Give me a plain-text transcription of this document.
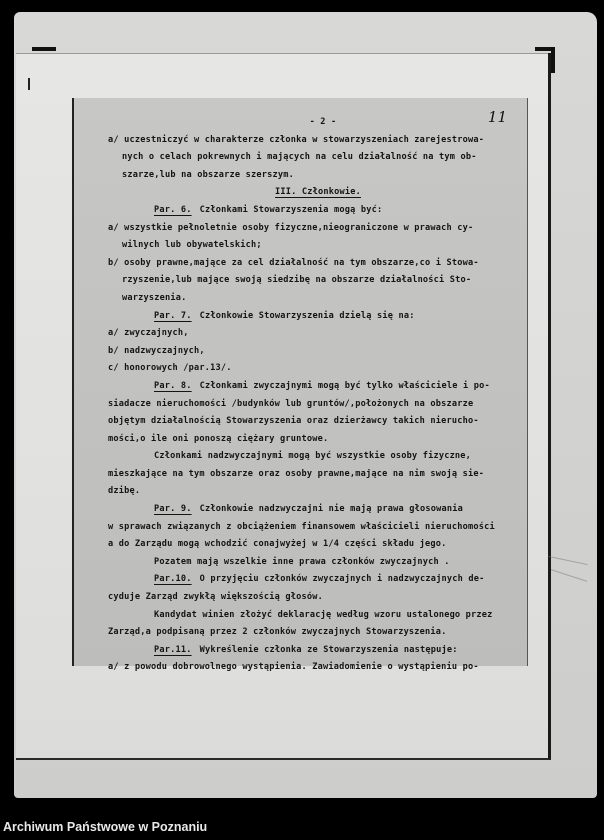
11
- 2 -
a/ uczestniczyć w charakterze członka w stowarzyszeniach zarejestrowa-
nych o celach pokrewnych i mających na celu działalność na tym ob-
szarze,lub na obszarze szerszym.
III. Członkowie.
Par. 6. Członkami Stowarzyszenia mogą być:
a/ wszystkie pełnoletnie osoby fizyczne,nieograniczone w prawach cy-
wilnych lub obywatelskich;
b/ osoby prawne,mające za cel działalność na tym obszarze,co i Stowa-
rzyszenie,lub mające swoją siedzibę na obszarze działalności Sto-
warzyszenia.
Par. 7. Członkowie Stowarzyszenia dzielą się na:
a/ zwyczajnych,
b/ nadzwyczajnych,
c/ honorowych /par.13/.
Par. 8. Członkami zwyczajnymi mogą być tylko właściciele i po-
siadacze nieruchomości /budynków lub gruntów/,położonych na obszarze
objętym działalnością Stowarzyszenia oraz dzierżawcy takich nierucho-
mości,o ile oni ponoszą ciężary gruntowe.
Członkami nadzwyczajnymi mogą być wszystkie osoby fizyczne,
mieszkające na tym obszarze oraz osoby prawne,mające na nim swoją sie-
dzibę.
Par. 9. Członkowie nadzwyczajni nie mają prawa głosowania
w sprawach związanych z obciążeniem finansowem właścicieli nieruchomości
a do Zarządu mogą wchodzić conajwyżej w 1/4 części składu jego.
Pozatem mają wszelkie inne prawa członków zwyczajnych .
Par.10. O przyjęciu członków zwyczajnych i nadzwyczajnych de-
cyduje Zarząd zwykłą większością głosów.
Kandydat winien złożyć deklarację według wzoru ustalonego przez
Zarząd,a podpisaną przez 2 członków zwyczajnych Stowarzyszenia.
Par.11. Wykreślenie członka ze Stowarzyszenia następuje:
a/ z powodu dobrowolnego wystąpienia. Zawiadomienie o wystąpieniu po-
Archiwum Państwowe w Poznaniu
